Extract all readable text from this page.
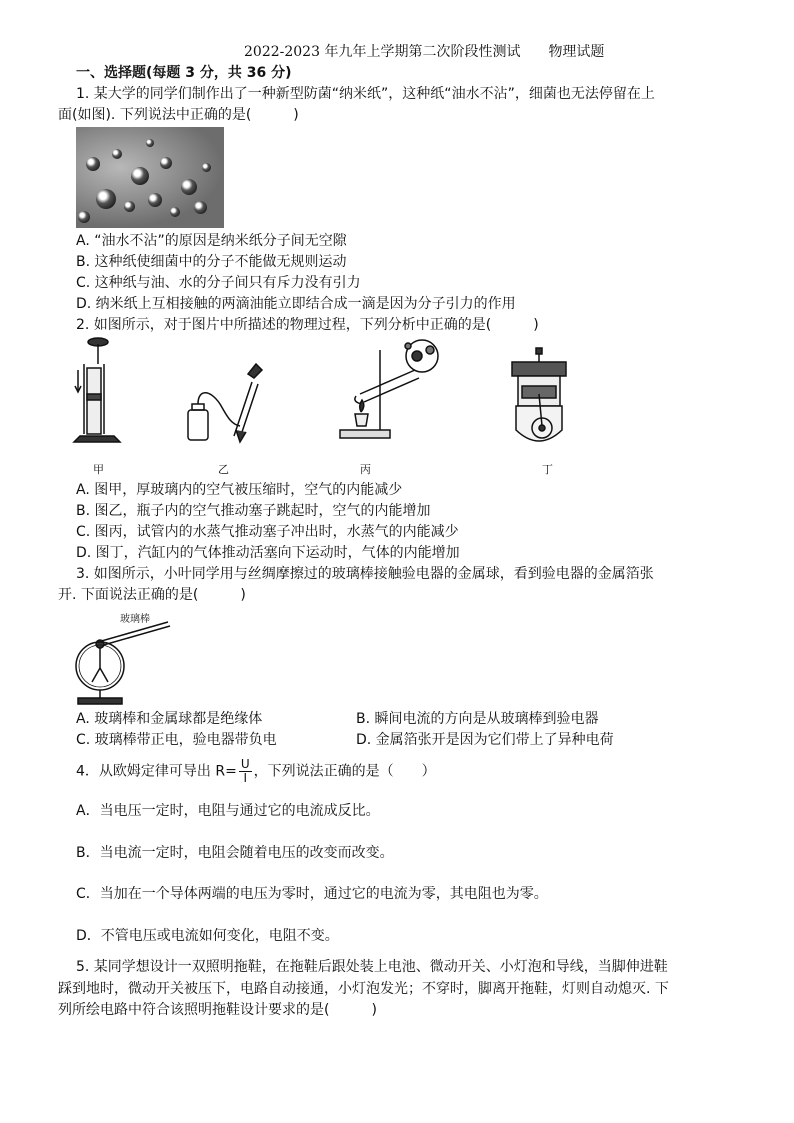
2022-2023 年九年上学期第二次阶段性测试　　物理试题
一、选择题(每题 3 分，共 36 分)
1. 某大学的同学们制作出了一种新型防菌“纳米纸”，这种纸“油水不沾”，细菌也无法停留在上
面(如图). 下列说法中正确的是(　　　)
A. “油水不沾”的原因是纳米纸分子间无空隙
B. 这种纸使细菌中的分子不能做无规则运动
C. 这种纸与油、水的分子间只有斥力没有引力
D. 纳米纸上互相接触的两滴油能立即结合成一滴是因为分子引力的作用
2. 如图所示，对于图片中所描述的物理过程，下列分析中正确的是(　　　)
甲	乙	丙	丁
A. 图甲，厚玻璃内的空气被压缩时，空气的内能减少
B. 图乙，瓶子内的空气推动塞子跳起时，空气的内能增加
C. 图丙，试管内的水蒸气推动塞子冲出时，水蒸气的内能减少
D. 图丁，汽缸内的气体推动活塞向下运动时，气体的内能增加
3. 如图所示，小叶同学用与丝绸摩擦过的玻璃棒接触验电器的金属球，看到验电器的金属箔张
开. 下面说法正确的是(　　　)
玻璃棒
A. 玻璃棒和金属球都是绝缘体	B. 瞬间电流的方向是从玻璃棒到验电器
C. 玻璃棒带正电，验电器带负电	D. 金属箔张开是因为它们带上了异种电荷
4．从欧姆定律可导出 $R= \frac{U}{I}$ ，下列说法正确的是（　　）
A．当电压一定时，电阻与通过它的电流成反比。
B．当电流一定时，电阻会随着电压的改变而改变。
C．当加在一个导体两端的电压为零时，通过它的电流为零，其电阻也为零。
D．不管电压或电流如何变化，电阻不变。
5. 某同学想设计一双照明拖鞋，在拖鞋后跟处装上电池、微动开关、小灯泡和导线，当脚伸进鞋
踩到地时，微动开关被压下，电路自动接通，小灯泡发光；不穿时，脚离开拖鞋，灯则自动熄灭. 下
列所绘电路中符合该照明拖鞋设计要求的是(　　　)
